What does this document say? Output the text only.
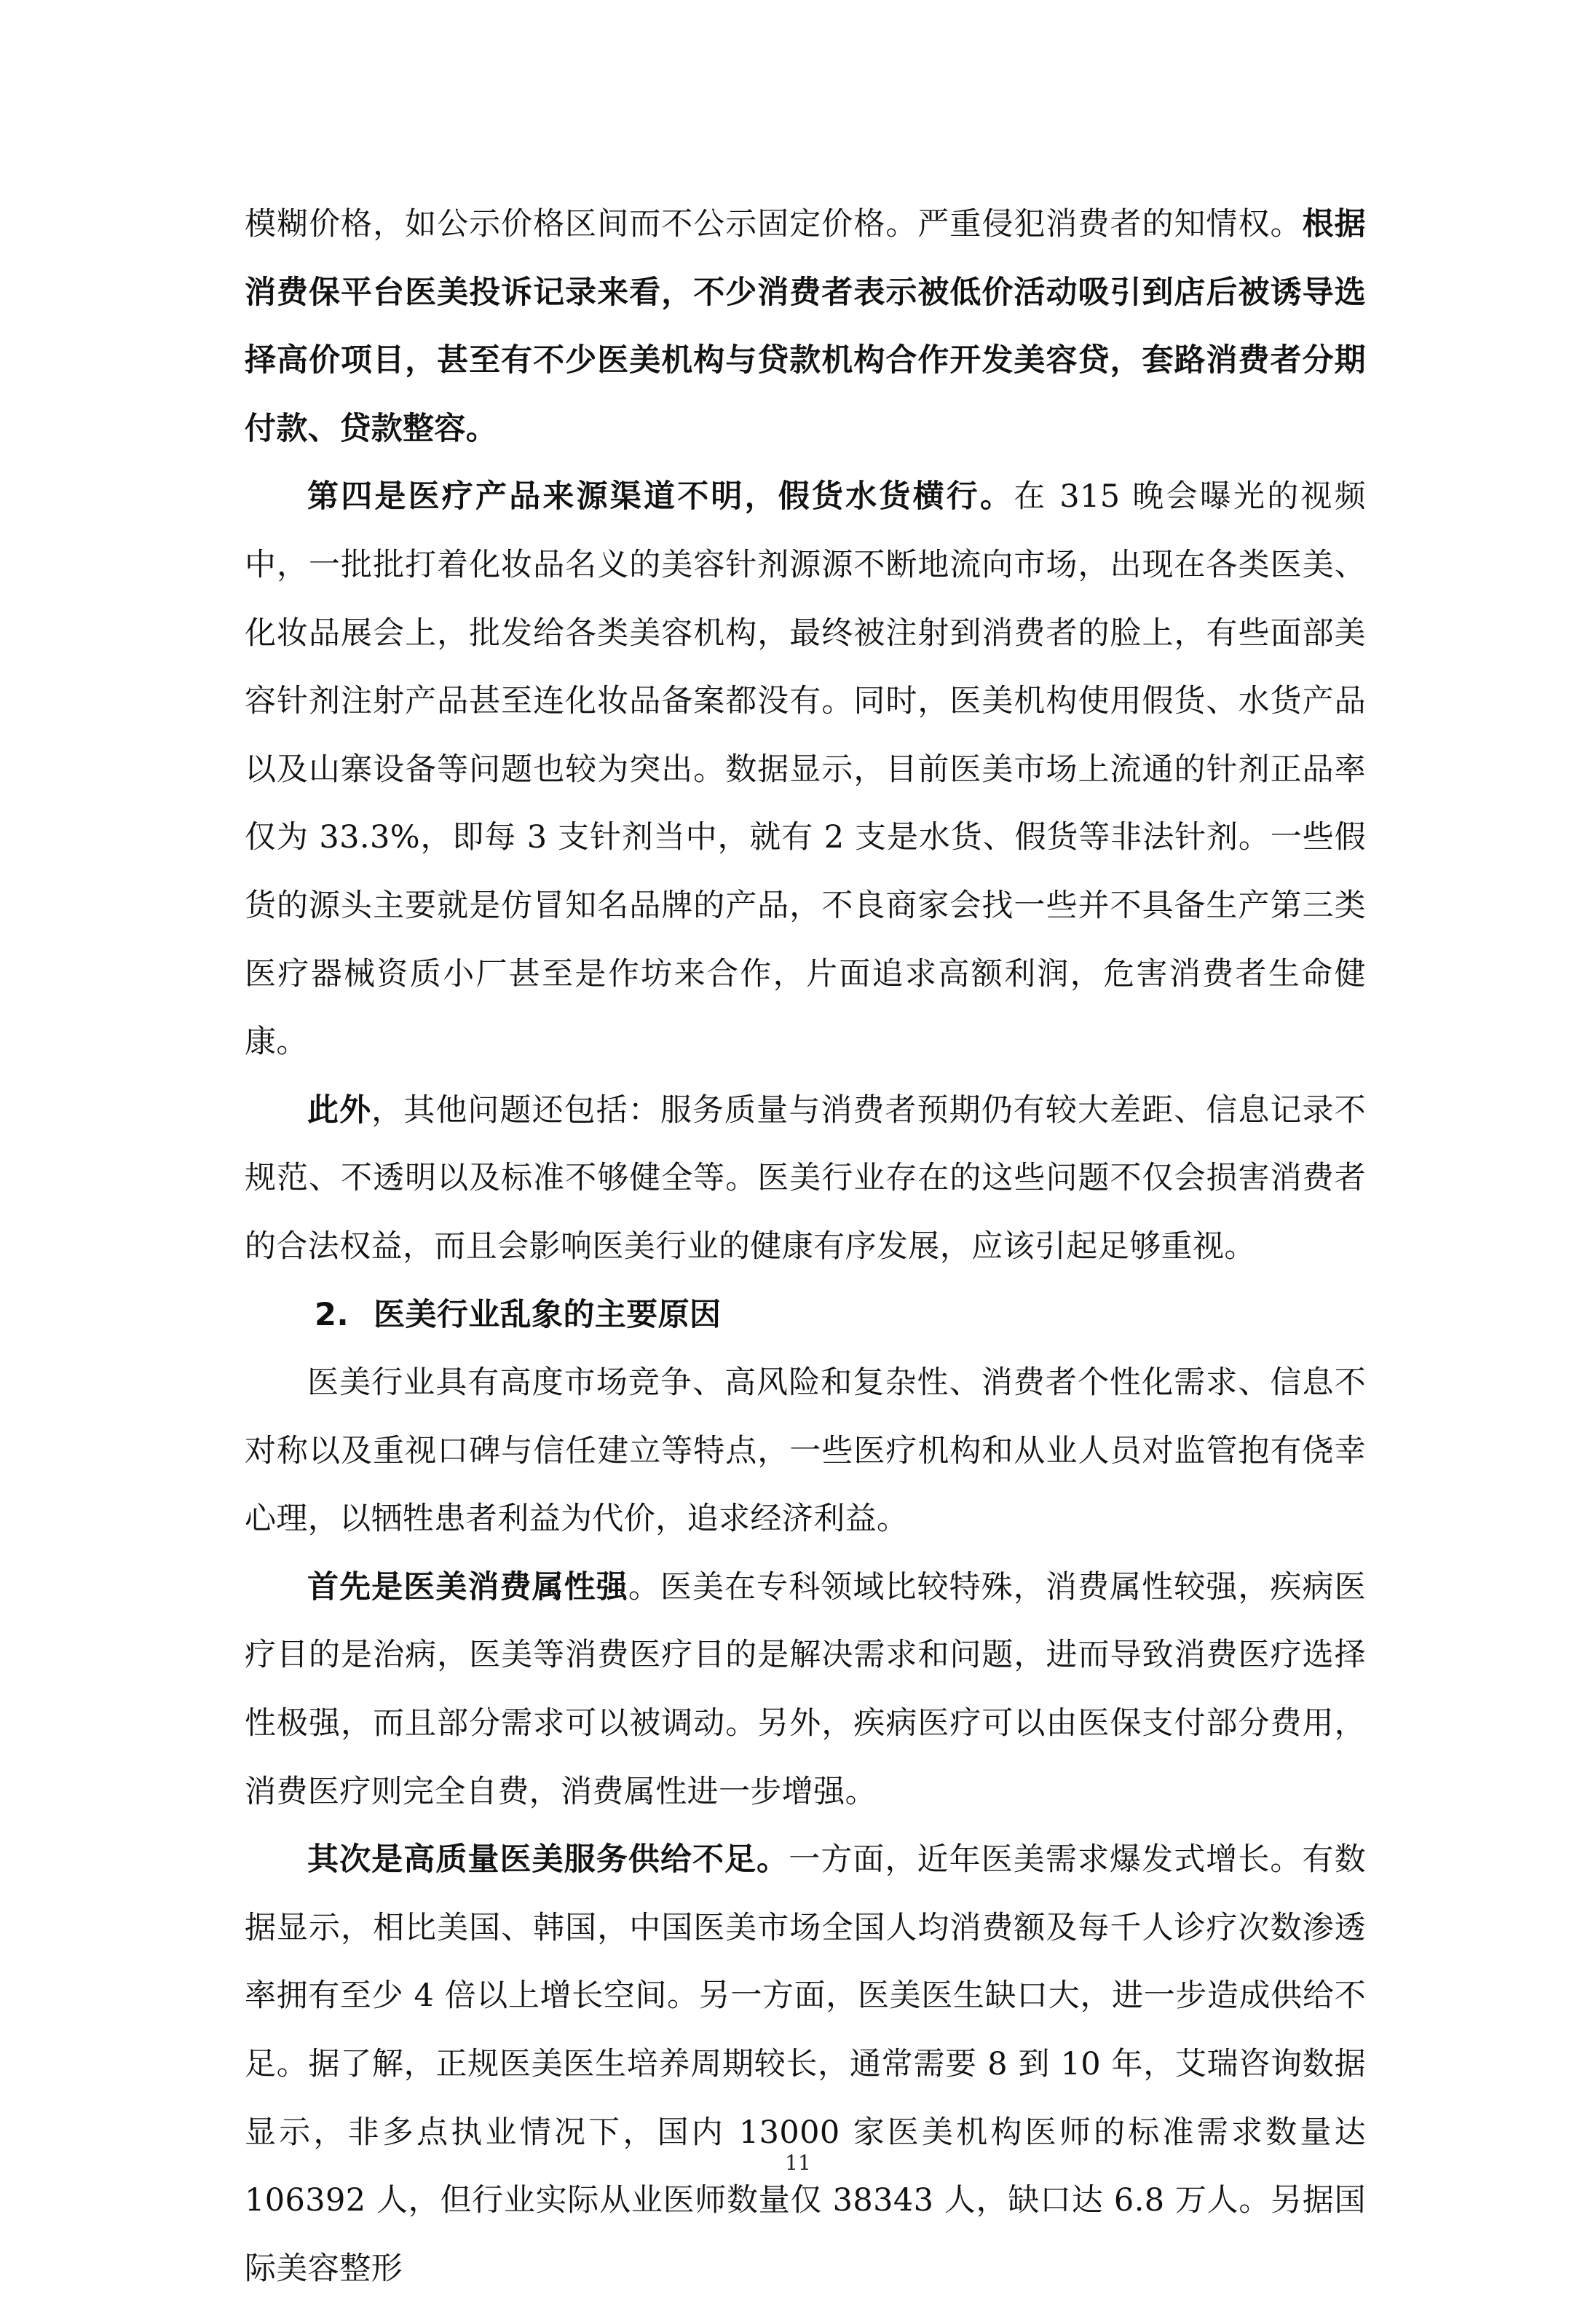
模糊价格，如公示价格区间而不公示固定价格。严重侵犯消费者的知情权。根据消费保平台医美投诉记录来看，不少消费者表示被低价活动吸引到店后被诱导选择高价项目，甚至有不少医美机构与贷款机构合作开发美容贷，套路消费者分期付款、贷款整容。

第四是医疗产品来源渠道不明，假货水货横行。在 315 晚会曝光的视频中，一批批打着化妆品名义的美容针剂源源不断地流向市场，出现在各类医美、化妆品展会上，批发给各类美容机构，最终被注射到消费者的脸上，有些面部美容针剂注射产品甚至连化妆品备案都没有。同时，医美机构使用假货、水货产品以及山寨设备等问题也较为突出。数据显示，目前医美市场上流通的针剂正品率仅为 33.3%，即每 3 支针剂当中，就有 2 支是水货、假货等非法针剂。一些假货的源头主要就是仿冒知名品牌的产品，不良商家会找一些并不具备生产第三类医疗器械资质小厂甚至是作坊来合作，片面追求高额利润，危害消费者生命健康。

此外，其他问题还包括：服务质量与消费者预期仍有较大差距、信息记录不规范、不透明以及标准不够健全等。医美行业存在的这些问题不仅会损害消费者的合法权益，而且会影响医美行业的健康有序发展，应该引起足够重视。

2. 医美行业乱象的主要原因

医美行业具有高度市场竞争、高风险和复杂性、消费者个性化需求、信息不对称以及重视口碑与信任建立等特点，一些医疗机构和从业人员对监管抱有侥幸心理，以牺牲患者利益为代价，追求经济利益。

首先是医美消费属性强。医美在专科领域比较特殊，消费属性较强，疾病医疗目的是治病，医美等消费医疗目的是解决需求和问题，进而导致消费医疗选择性极强，而且部分需求可以被调动。另外，疾病医疗可以由医保支付部分费用，消费医疗则完全自费，消费属性进一步增强。

其次是高质量医美服务供给不足。一方面，近年医美需求爆发式增长。有数据显示，相比美国、韩国，中国医美市场全国人均消费额及每千人诊疗次数渗透率拥有至少 4 倍以上增长空间。另一方面，医美医生缺口大，进一步造成供给不足。据了解，正规医美医生培养周期较长，通常需要 8 到 10 年，艾瑞咨询数据显示，非多点执业情况下，国内 13000 家医美机构医师的标准需求数量达 106392 人，但行业实际从业医师数量仅 38343 人，缺口达 6.8 万人。另据国际美容整形

11
